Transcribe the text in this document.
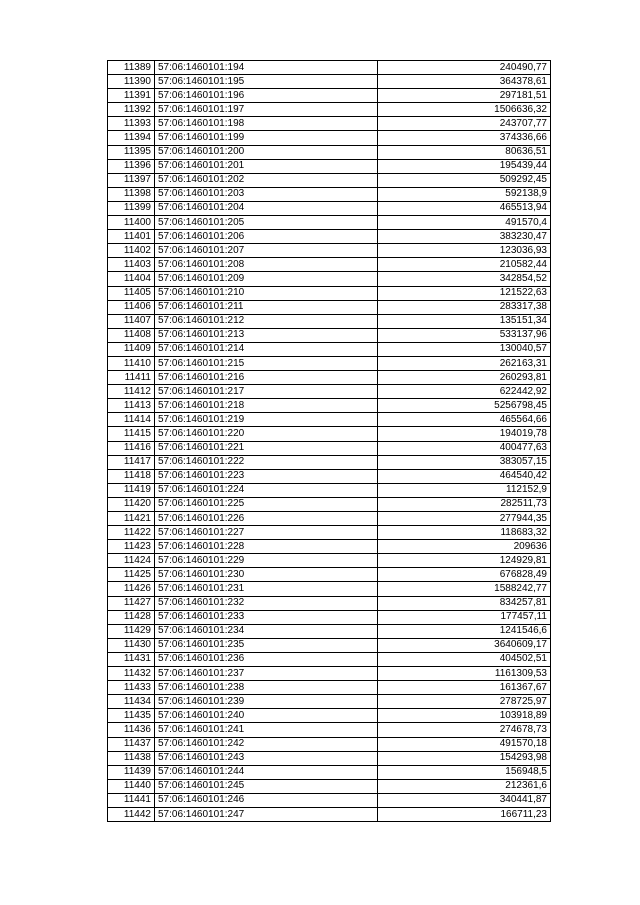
11389	57:06:1460101:194	240490,77
11390	57:06:1460101:195	364378,61
11391	57:06:1460101:196	297181,51
11392	57:06:1460101:197	1506636,32
11393	57:06:1460101:198	243707,77
11394	57:06:1460101:199	374336,66
11395	57:06:1460101:200	80636,51
11396	57:06:1460101:201	195439,44
11397	57:06:1460101:202	509292,45
11398	57:06:1460101:203	592138,9
11399	57:06:1460101:204	465513,94
11400	57:06:1460101:205	491570,4
11401	57:06:1460101:206	383230,47
11402	57:06:1460101:207	123036,93
11403	57:06:1460101:208	210582,44
11404	57:06:1460101:209	342854,52
11405	57:06:1460101:210	121522,63
11406	57:06:1460101:211	283317,38
11407	57:06:1460101:212	135151,34
11408	57:06:1460101:213	533137,96
11409	57:06:1460101:214	130040,57
11410	57:06:1460101:215	262163,31
11411	57:06:1460101:216	260293,81
11412	57:06:1460101:217	622442,92
11413	57:06:1460101:218	5256798,45
11414	57:06:1460101:219	465564,66
11415	57:06:1460101:220	194019,78
11416	57:06:1460101:221	400477,63
11417	57:06:1460101:222	383057,15
11418	57:06:1460101:223	464540,42
11419	57:06:1460101:224	112152,9
11420	57:06:1460101:225	282511,73
11421	57:06:1460101:226	277944,35
11422	57:06:1460101:227	118683,32
11423	57:06:1460101:228	209636
11424	57:06:1460101:229	124929,81
11425	57:06:1460101:230	676828,49
11426	57:06:1460101:231	1588242,77
11427	57:06:1460101:232	834257,81
11428	57:06:1460101:233	177457,11
11429	57:06:1460101:234	1241546,6
11430	57:06:1460101:235	3640609,17
11431	57:06:1460101:236	404502,51
11432	57:06:1460101:237	1161309,53
11433	57:06:1460101:238	161367,67
11434	57:06:1460101:239	278725,97
11435	57:06:1460101:240	103918,89
11436	57:06:1460101:241	274678,73
11437	57:06:1460101:242	491570,18
11438	57:06:1460101:243	154293,98
11439	57:06:1460101:244	156948,5
11440	57:06:1460101:245	212361,6
11441	57:06:1460101:246	340441,87
11442	57:06:1460101:247	166711,23
